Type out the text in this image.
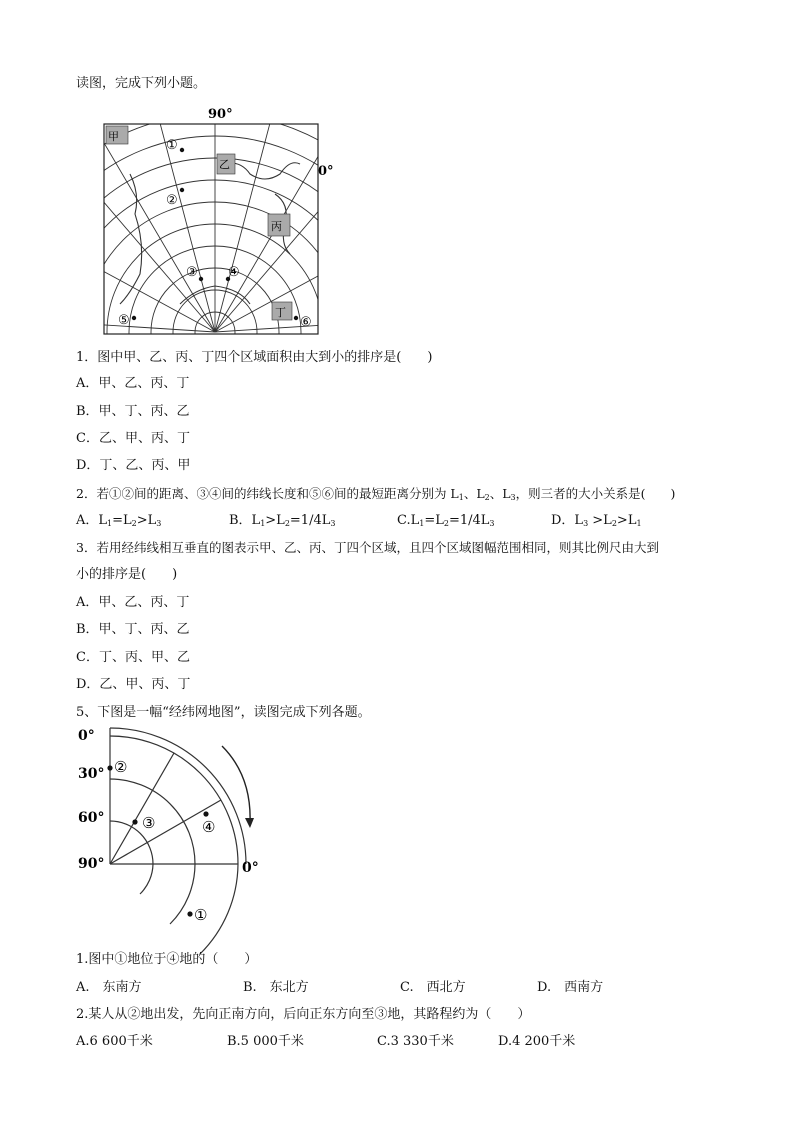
读图，完成下列小题。
90°
0°
甲
乙
丙
丁
①
②
③ ④
⑤	⑥
1．图中甲、乙、丙、丁四个区域面积由大到小的排序是(　　)
A．甲、乙、丙、丁
B．甲、丁、丙、乙
C．乙、甲、丙、丁
D．丁、乙、丙、甲
2．若①②间的距离、③④间的纬线长度和⑤⑥间的最短距离分别为 $L_1$、$L_2$、$L_3$，则三者的大小关系是(　　)
A．$L_1=L_2>L_3$	B．$L_1>L_2=1/4L_3$	$C.L_1=L_2=1/4L_3$	D．$L_3 >L_2>L_1$
3．若用经纬线相互垂直的图表示甲、乙、丙、丁四个区域，且四个区域图幅范围相同，则其比例尺由大到
小的排序是(　　)
A．甲、乙、丙、丁
B．甲、丁、丙、乙
C．丁、丙、甲、乙
D．乙、甲、丙、丁
5、下图是一幅“经纬网地图”，读图完成下列各题。
0°
30°
60°
90°	0°
②
③	④
①
1.图中①地位于④地的（　　）
A.　东南方	B.　东北方	C.　西北方	D.　西南方
2.某人从②地出发，先向正南方向，后向正东方向至③地，其路程约为（　　）
A.6 600千米	B.5 000千米	C.3 330千米	D.4 200千米
